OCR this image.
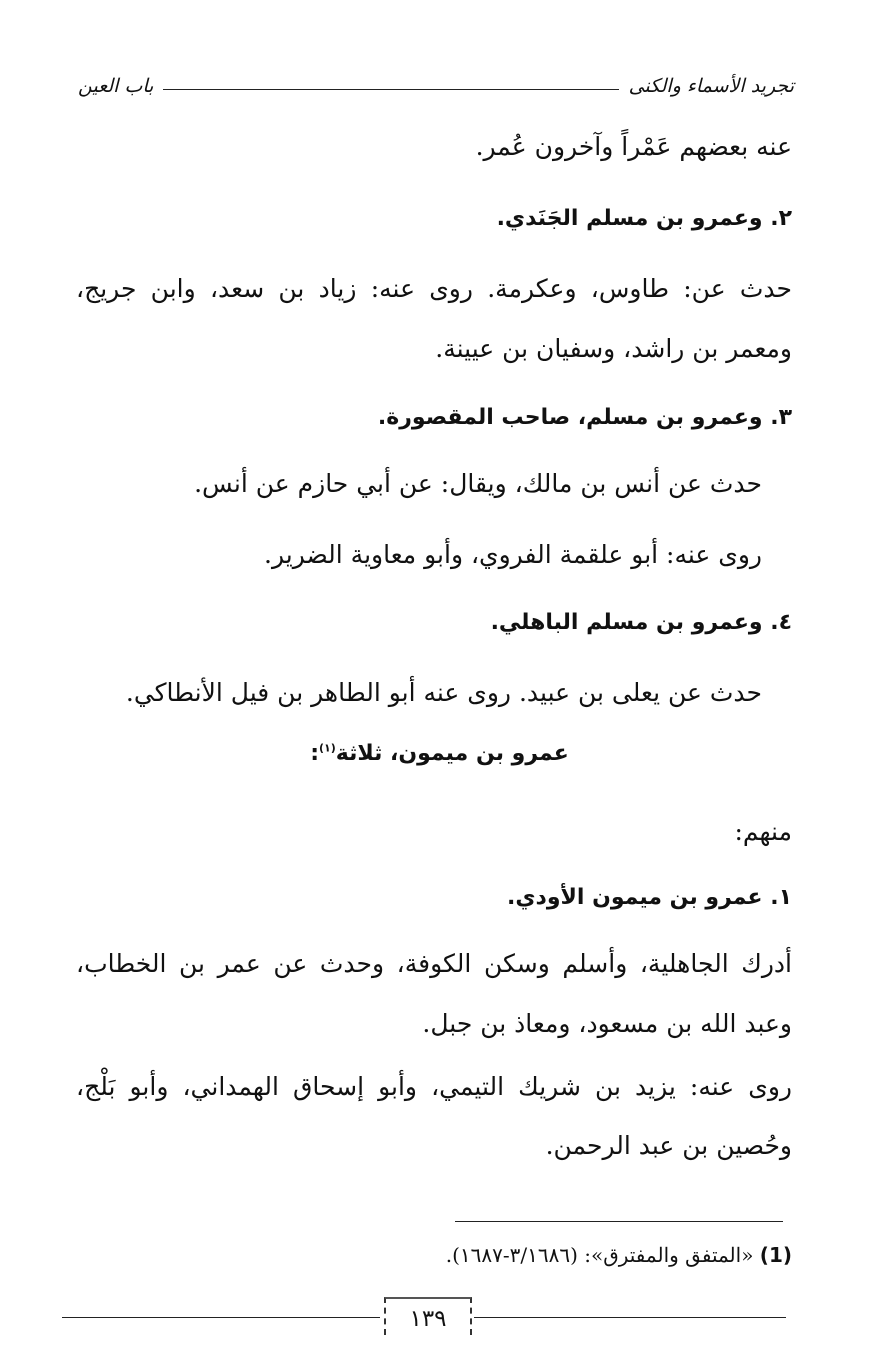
تجريد الأسماء والكنى
باب العين
عنه بعضهم عَمْراً وآخرون عُمر.
٢. وعمرو بن مسلم الجَنَدي.
حدث عن: طاوس، وعكرمة. روى عنه: زياد بن سعد، وابن جريج،
ومعمر بن راشد، وسفيان بن عيينة.
٣. وعمرو بن مسلم، صاحب المقصورة.
حدث عن أنس بن مالك، ويقال: عن أبي حازم عن أنس.
روى عنه: أبو علقمة الفروي، وأبو معاوية الضرير.
٤. وعمرو بن مسلم الباهلي.
حدث عن يعلى بن عبيد. روى عنه أبو الطاهر بن فيل الأنطاكي.
عمرو بن ميمون، ثلاثة$^{(١)}$:
منهم:
١. عمرو بن ميمون الأودي.
أدرك الجاهلية، وأسلم وسكن الكوفة، وحدث عن عمر بن الخطاب،
وعبد الله بن مسعود، ومعاذ بن جبل.
روى عنه: يزيد بن شريك التيمي، وأبو إسحاق الهمداني، وأبو بَلْج،
وحُصين بن عبد الرحمن.
(1) «المتفق والمفترق»: (٣/١٦٨٦-١٦٨٧).
١٣٩
